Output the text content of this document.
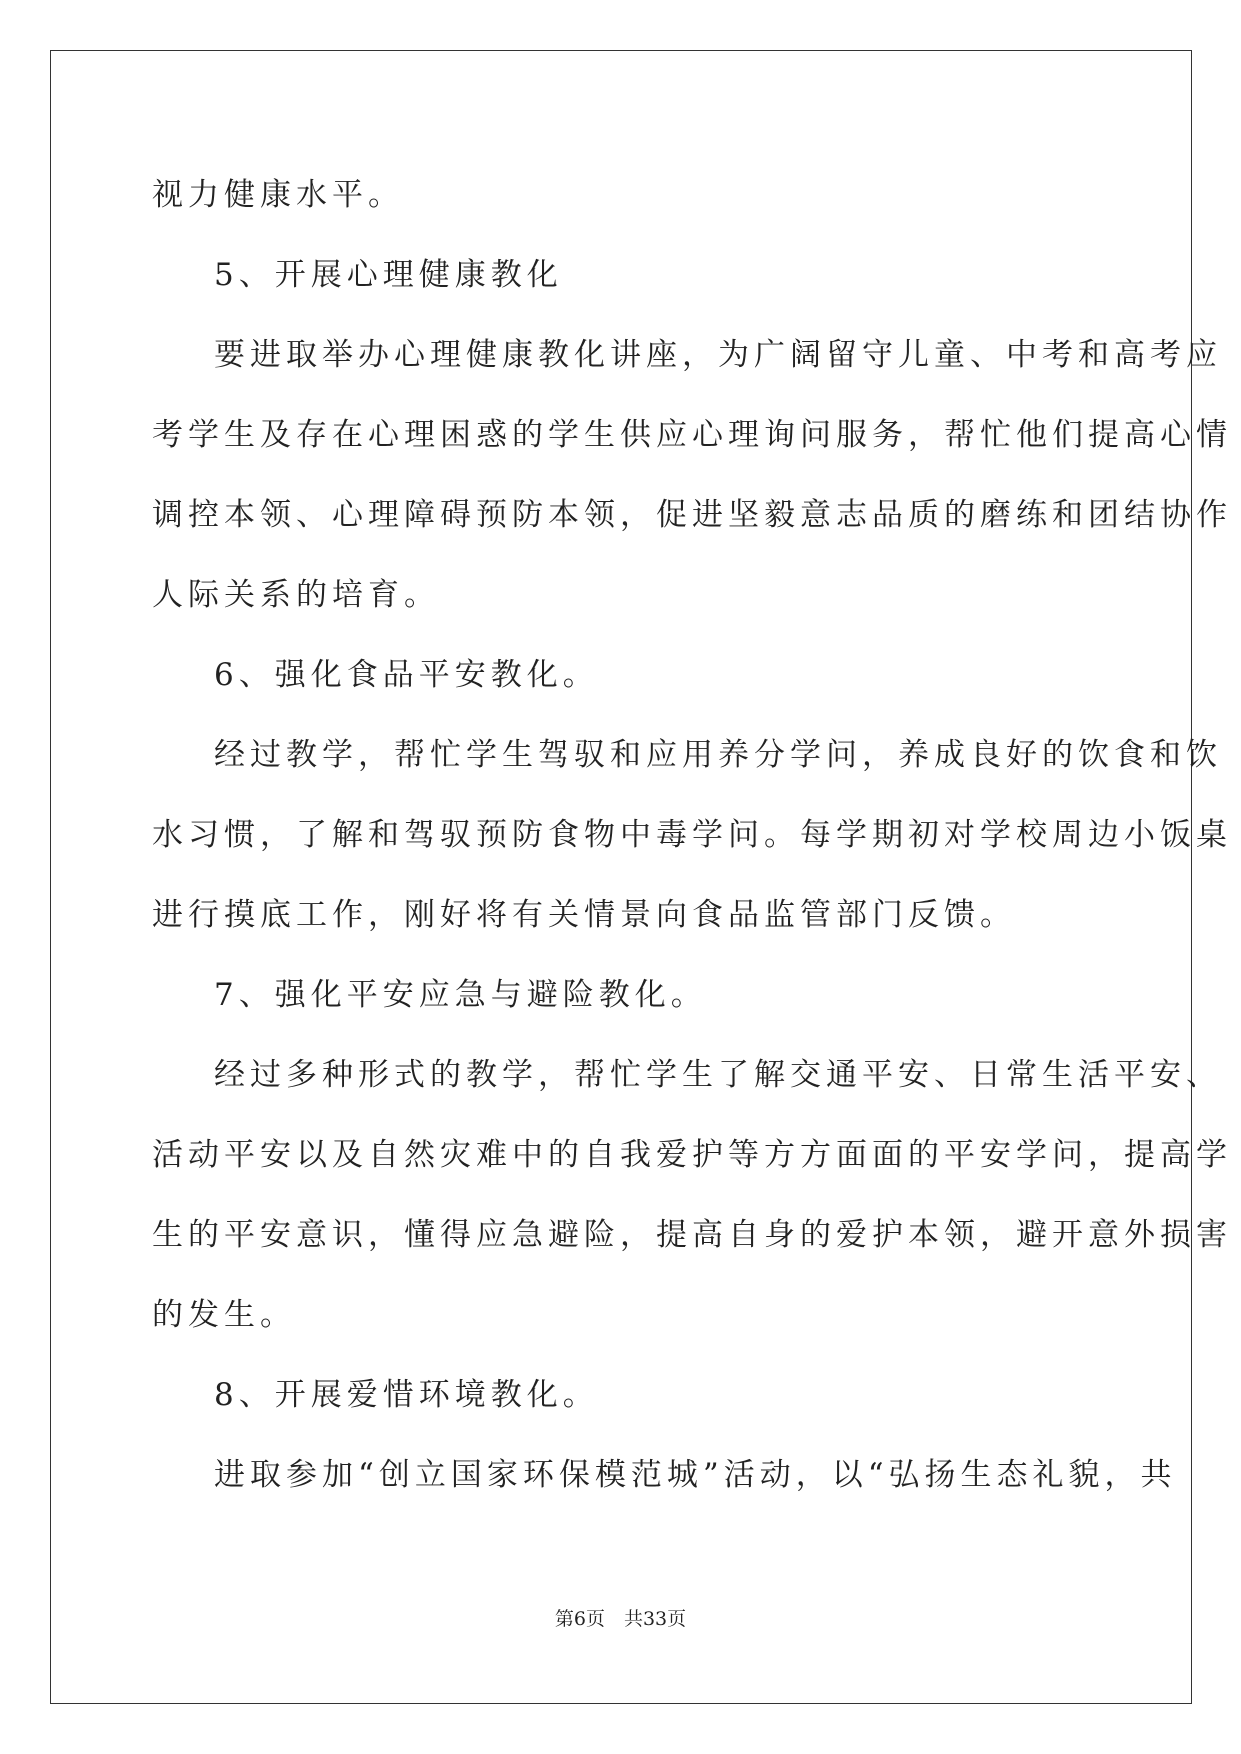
视力健康水平。

5、开展心理健康教化

要进取举办心理健康教化讲座，为广阔留守儿童、中考和高考应

考学生及存在心理困惑的学生供应心理询问服务，帮忙他们提高心情

调控本领、心理障碍预防本领，促进坚毅意志品质的磨练和团结协作

人际关系的培育。

6、强化食品平安教化。

经过教学，帮忙学生驾驭和应用养分学问，养成良好的饮食和饮

水习惯，了解和驾驭预防食物中毒学问。每学期初对学校周边小饭桌

进行摸底工作，刚好将有关情景向食品监管部门反馈。

7、强化平安应急与避险教化。

经过多种形式的教学，帮忙学生了解交通平安、日常生活平安、

活动平安以及自然灾难中的自我爱护等方方面面的平安学问，提高学

生的平安意识，懂得应急避险，提高自身的爱护本领，避开意外损害

的发生。

8、开展爱惜环境教化。

进取参加“创立国家环保模范城”活动，以“弘扬生态礼貌，共

第6页　共33页
